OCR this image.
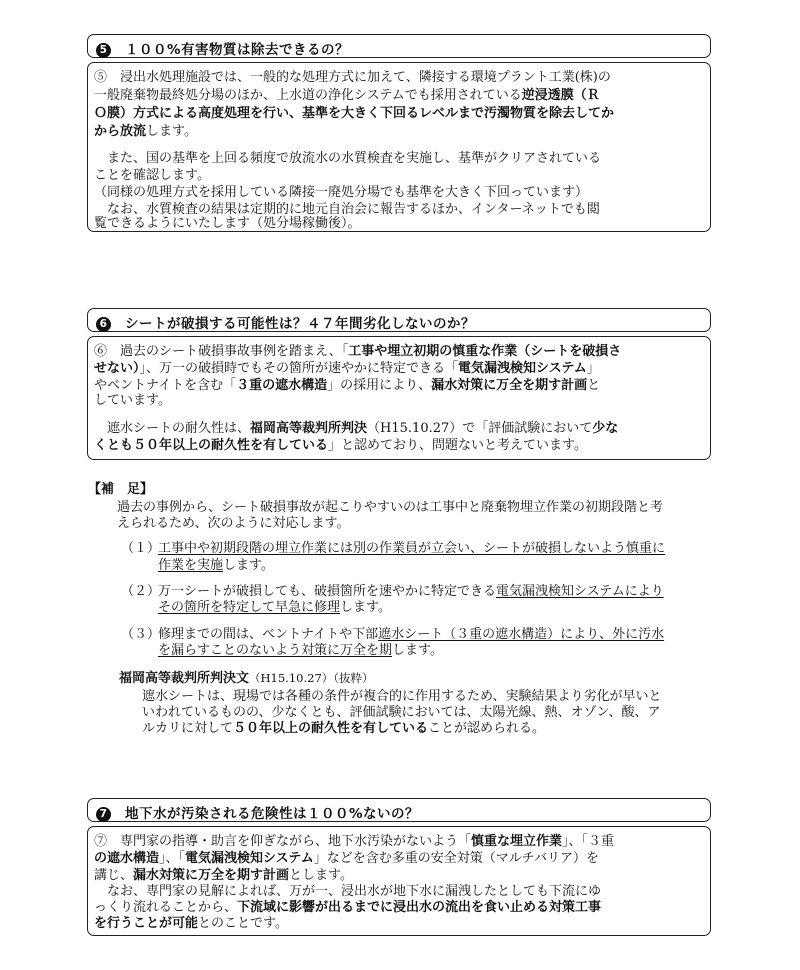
5 １００%有害物質は除去できるの？
⑤　浸出水処理施設では、一般的な処理方式に加えて、隣接する環境プラント工業(株)の
一般廃棄物最終処分場のほか、上水道の浄化システムでも採用されている逆浸透膜（Ｒ
Ｏ膜）方式による高度処理を行い、基準を大きく下回るレベルまで汚濁物質を除去してか
から放流します。
　また、国の基準を上回る頻度で放流水の水質検査を実施し、基準がクリアされている
ことを確認します。
（同様の処理方式を採用している隣接一廃処分場でも基準を大きく下回っています）
　なお、水質検査の結果は定期的に地元自治会に報告するほか、インターネットでも閲
覧できるようにいたします（処分場稼働後）。
6 シートが破損する可能性は？４７年間劣化しないのか？
⑥　過去のシート破損事故事例を踏まえ、「工事や埋立初期の慎重な作業（シートを破損さ
せない）」、万一の破損時でもその箇所が速やかに特定できる「電気漏洩検知システム」
やベントナイトを含む「３重の遮水構造」の採用により、漏水対策に万全を期す計画と
しています。
　遮水シートの耐久性は、福岡高等裁判所判決（H15.10.27）で「評価試験において少な
くとも５０年以上の耐久性を有している」と認めており、問題ないと考えています。
【補　足】
過去の事例から、シート破損事故が起こりやすいのは工事中と廃棄物埋立作業の初期段階と考
えられるため、次のように対応します。
（１）
工事中や初期段階の埋立作業には別の作業員が立会い、シートが破損しないよう慎重に
作業を実施します。
（２）
万一シートが破損しても、破損箇所を速やかに特定できる電気漏洩検知システムにより
その箇所を特定して早急に修理します。
（３）
修理までの間は、ベントナイトや下部遮水シート（３重の遮水構造）により、外に汚水
を漏らすことのないよう対策に万全を期します。
福岡高等裁判所判決文（H15.10.27）（抜粋）
遮水シートは、現場では各種の条件が複合的に作用するため、実験結果より劣化が早いと
いわれているものの、少なくとも、評価試験においては、太陽光線、熱、オゾン、酸、ア
ルカリに対して５０年以上の耐久性を有していることが認められる。
7 地下水が汚染される危険性は１００%ないの？
⑦　専門家の指導・助言を仰ぎながら、地下水汚染がないよう「慎重な埋立作業」、「３重
の遮水構造」、「電気漏洩検知システム」などを含む多重の安全対策（マルチバリア）を
講じ、漏水対策に万全を期す計画とします。
　なお、専門家の見解によれば、万が一、浸出水が地下水に漏洩したとしても下流にゆ
っくり流れることから、下流域に影響が出るまでに浸出水の流出を食い止める対策工事
を行うことが可能とのことです。
